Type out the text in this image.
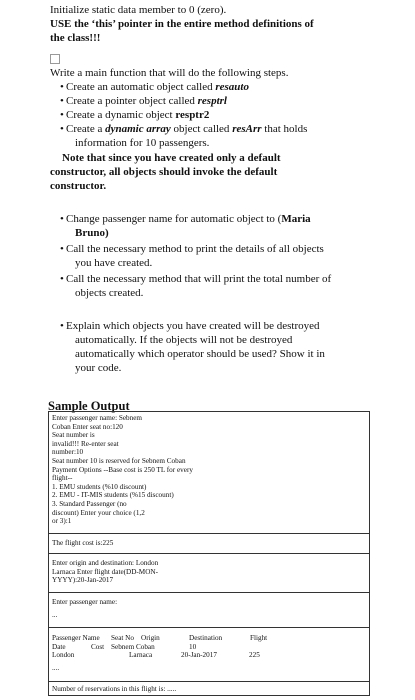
Initialize static data member to 0 (zero).
USE the ‘this’ pointer in the entire method definitions of
the class!!!
Write a main function that will do the following steps.
• Create an automatic object called resauto
• Create a pointer object called resptrl
• Create a dynamic object resptr2
• Create a dynamic array object called resArr that holds
information for 10 passengers.
Note that since you have created only a default
constructor, all objects should invoke the default
constructor.
• Change passenger name for automatic object to (Maria
Bruno)
• Call the necessary method to print the details of all objects
you have created.
• Call the necessary method that will print the total number of
objects created.
• Explain which objects you have created will be destroyed
automatically. If the objects will not be destroyed
automatically which operator should be used? Show it in
your code.
Sample Output
Enter passenger name: Sebnem
Coban Enter seat no:120
Seat number is
invalid!!! Re-enter seat
number:10
Seat number 10 is reserved for Sebnem Coban
Payment Options --Base cost is 250 TL for every
flight--
1. EMU students (%10 discount)
2. EMU - IT-MIS students (%15 discount)
3. Standard Passenger (no
discount) Enter your choice (1,2
or 3):1
The flight cost is:225
Enter origin and destination: London
Larnaca Enter flight date(DD-MON-
YYYY):20-Jan-2017
Enter passenger name:
...
Passenger Name Seat No Origin	Destination	Flight
Date	Cost Sebnem Coban	10
London	Larnaca	20-Jan-2017	225
....
Number of reservations in this flight is: .....
